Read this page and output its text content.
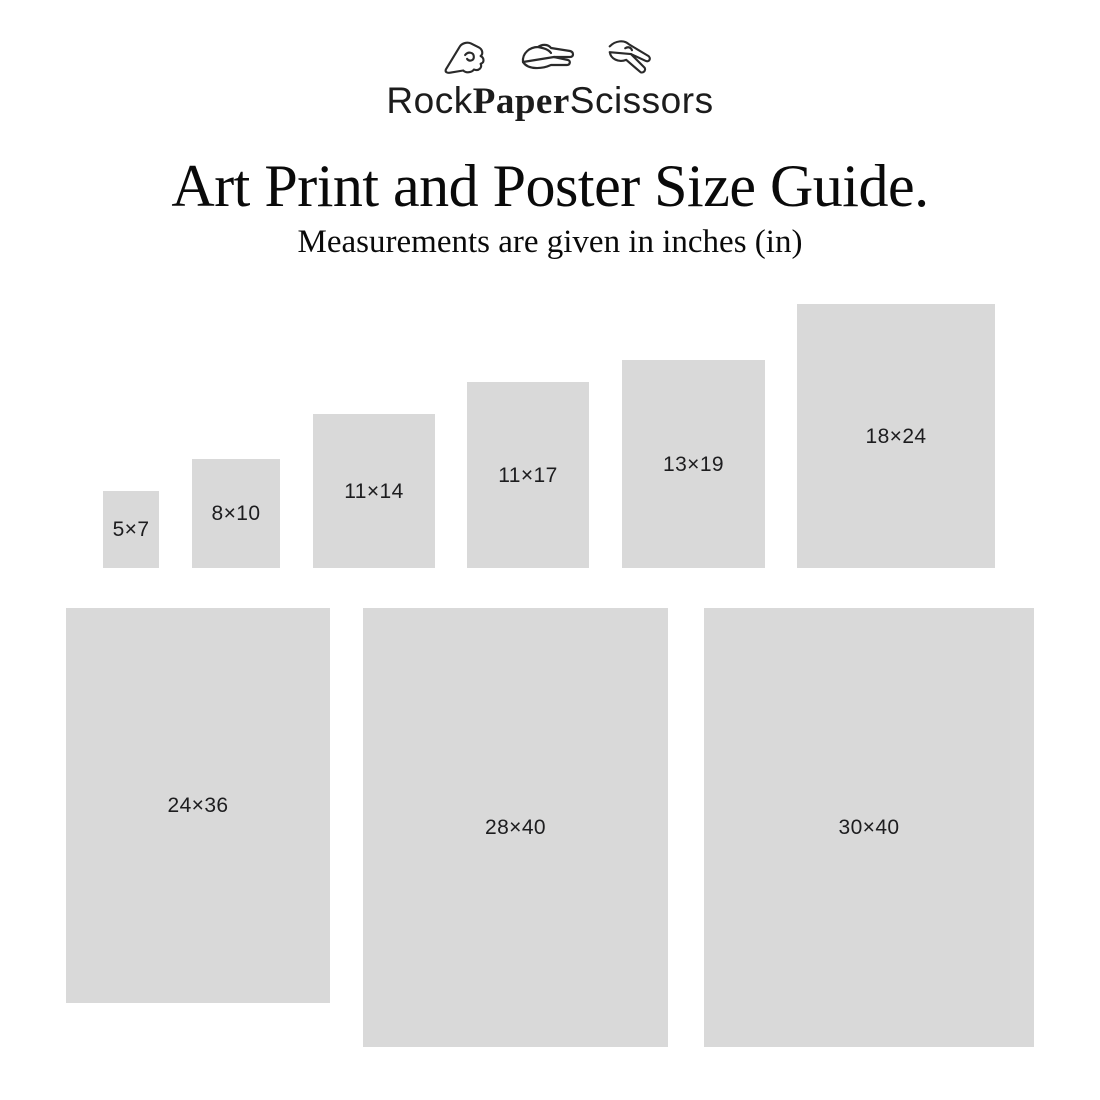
RockPaperScissors
Art Print and Poster Size Guide.

Measurements are given in inches (in)

5×7
8×10
11×14
11×17	13×19
18×24
24×36
28×40	30×40
